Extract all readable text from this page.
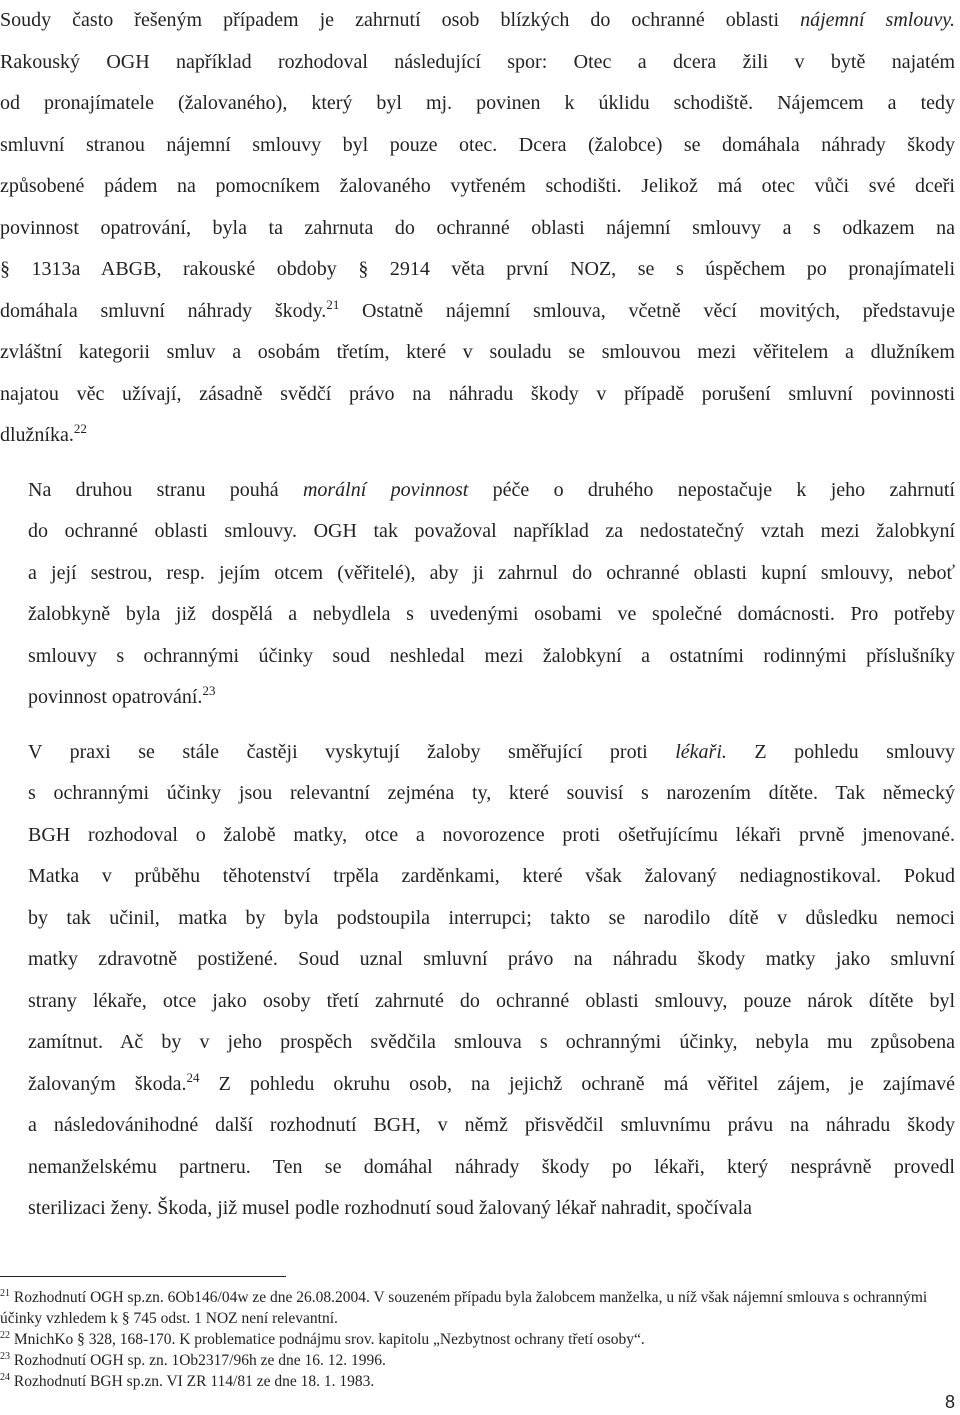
Soudy často řešeným případem je zahrnutí osob blízkých do ochranné oblasti nájemní smlouvy.
Rakouský OGH například rozhodoval následující spor: Otec a dcera žili v bytě najatém
od pronajímatele (žalovaného), který byl mj. povinen k úklidu schodiště. Nájemcem a tedy
smluvní stranou nájemní smlouvy byl pouze otec. Dcera (žalobce) se domáhala náhrady škody
způsobené pádem na pomocníkem žalovaného vytřeném schodišti. Jelikož má otec vůči své dceři
povinnost opatrování, byla ta zahrnuta do ochranné oblasti nájemní smlouvy a s odkazem na
§ 1313a ABGB, rakouské obdoby § 2914 věta první NOZ, se s úspěchem po pronajímateli
domáhala smluvní náhrady škody.$^{21}$ Ostatně nájemní smlouva, včetně věcí movitých, představuje
zvláštní kategorii smluv a osobám třetím, které v souladu se smlouvou mezi věřitelem a dlužníkem
najatou věc užívají, zásadně svědčí právo na náhradu škody v případě porušení smluvní povinnosti
dlužníka.$^{22}$

Na druhou stranu pouhá morální povinnost péče o druhého nepostačuje k jeho zahrnutí
do ochranné oblasti smlouvy. OGH tak považoval například za nedostatečný vztah mezi žalobkyní
a její sestrou, resp. jejím otcem (věřitelé), aby ji zahrnul do ochranné oblasti kupní smlouvy, neboť
žalobkyně byla již dospělá a nebydlela s uvedenými osobami ve společné domácnosti. Pro potřeby
smlouvy s ochrannými účinky soud neshledal mezi žalobkyní a ostatními rodinnými příslušníky
povinnost opatrování.$^{23}$

V praxi se stále častěji vyskytují žaloby směřující proti lékaři. Z pohledu smlouvy
s ochrannými účinky jsou relevantní zejména ty, které souvisí s narozením dítěte. Tak německý
BGH rozhodoval o žalobě matky, otce a novorozence proti ošetřujícímu lékaři prvně jmenované.
Matka v průběhu těhotenství trpěla zarděnkami, které však žalovaný nediagnostikoval. Pokud
by tak učinil, matka by byla podstoupila interrupci; takto se narodilo dítě v důsledku nemoci
matky zdravotně postižené. Soud uznal smluvní právo na náhradu škody matky jako smluvní
strany lékaře, otce jako osoby třetí zahrnuté do ochranné oblasti smlouvy, pouze nárok dítěte byl
zamítnut. Ač by v jeho prospěch svědčila smlouva s ochrannými účinky, nebyla mu způsobena
žalovaným škoda.$^{24}$ Z pohledu okruhu osob, na jejichž ochraně má věřitel zájem, je zajímavé
a následovánіhodné další rozhodnutí BGH, v němž přisvědčil smluvnímu právu na náhradu škody
nemanželskému partneru. Ten se domáhal náhrady škody po lékaři, který nesprávně provedl
sterilizaci ženy. Škoda, již musel podle rozhodnutí soud žalovaný lékař nahradit, spočívala

$^{21}$ Rozhodnutí OGH sp.zn. 6Ob146/04w ze dne 26.08.2004. V souzeném případu byla žalobcem manželka, u níž však nájemní smlouva s ochrannými účinky vzhledem k § 745 odst. 1 NOZ není relevantní.

$^{22}$ MnichKo § 328, 168-170. K problematice podnájmu srov. kapitolu „Nezbytnost ochrany třetí osoby“.

$^{23}$ Rozhodnutí OGH sp. zn. 1Ob2317/96h ze dne 16. 12. 1996.

$^{24}$ Rozhodnutí BGH sp.zn. VI ZR 114/81 ze dne 18. 1. 1983.

8
